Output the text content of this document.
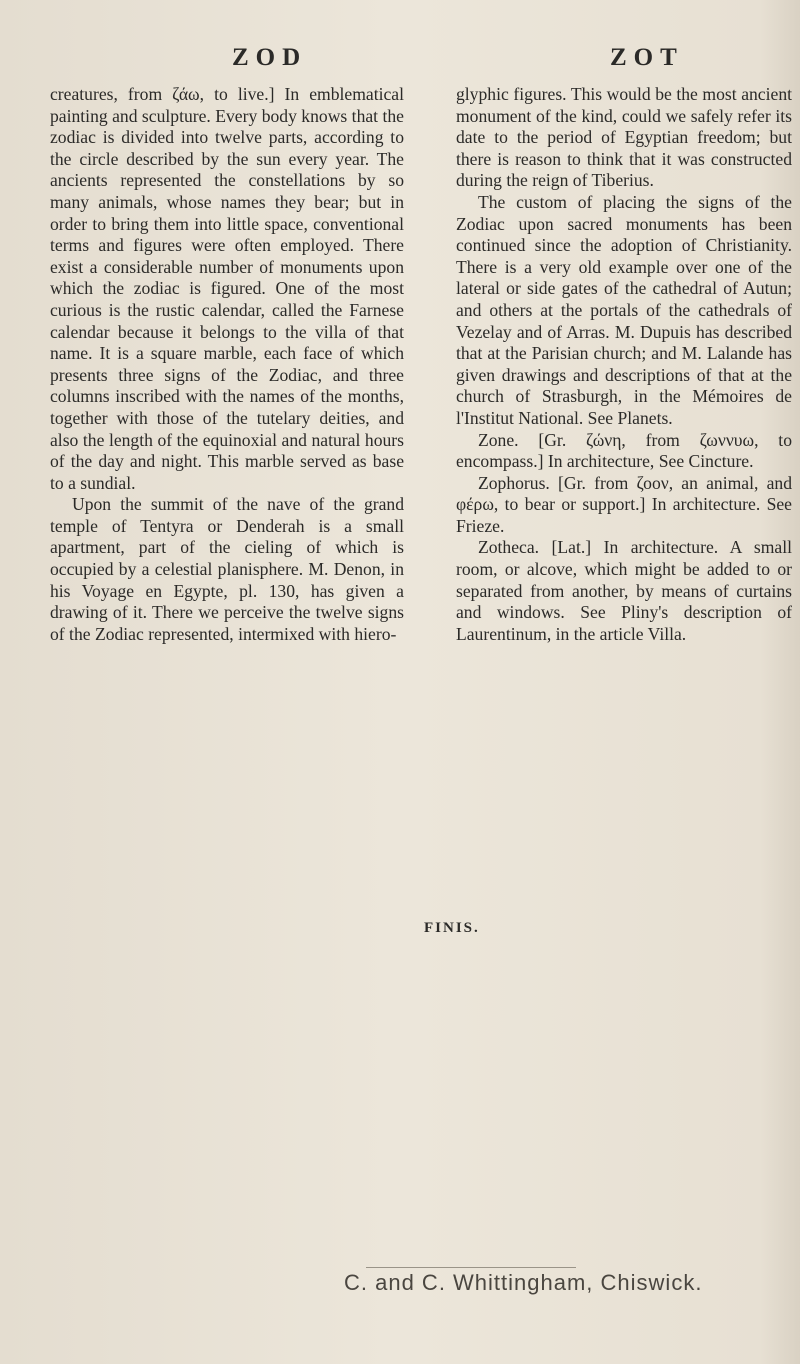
ZOD	ZOT

creatures, from ζάω, to live.] In emblematical painting and sculpture. Every body knows that the zodiac is divided into twelve parts, according to the circle described by the sun every year. The ancients represented the constellations by so many animals, whose names they bear; but in order to bring them into little space, conventional terms and figures were often employed. There exist a considerable number of monuments upon which the zodiac is figured. One of the most curious is the rustic calendar, called the Farnese calendar because it belongs to the villa of that name. It is a square marble, each face of which presents three signs of the Zodiac, and three columns inscribed with the names of the months, together with those of the tutelary deities, and also the length of the equinoxial and natural hours of the day and night. This marble served as base to a sundial.

Upon the summit of the nave of the grand temple of Tentyra or Denderah is a small apartment, part of the cieling of which is occupied by a celestial planisphere. M. Denon, in his Voyage en Egypte, pl. 130, has given a drawing of it. There we perceive the twelve signs of the Zodiac represented, intermixed with hiero-

glyphic figures. This would be the most ancient monument of the kind, could we safely refer its date to the period of Egyptian freedom; but there is reason to think that it was constructed during the reign of Tiberius.

The custom of placing the signs of the Zodiac upon sacred monuments has been continued since the adoption of Christianity. There is a very old example over one of the lateral or side gates of the cathedral of Autun; and others at the portals of the cathedrals of Vezelay and of Arras. M. Dupuis has described that at the Parisian church; and M. Lalande has given drawings and descriptions of that at the church of Strasburgh, in the Mémoires de l'Institut National. See Planets.

Zone. [Gr. ζώνη, from ζωννυω, to encompass.] In architecture, See Cincture.

Zophorus. [Gr. from ζοον, an animal, and φέρω, to bear or support.] In architecture. See Frieze.

Zotheca. [Lat.] In architecture. A small room, or alcove, which might be added to or separated from another, by means of curtains and windows. See Pliny's description of Laurentinum, in the article Villa.

FINIS.
C. and C. Whittingham, Chiswick.
